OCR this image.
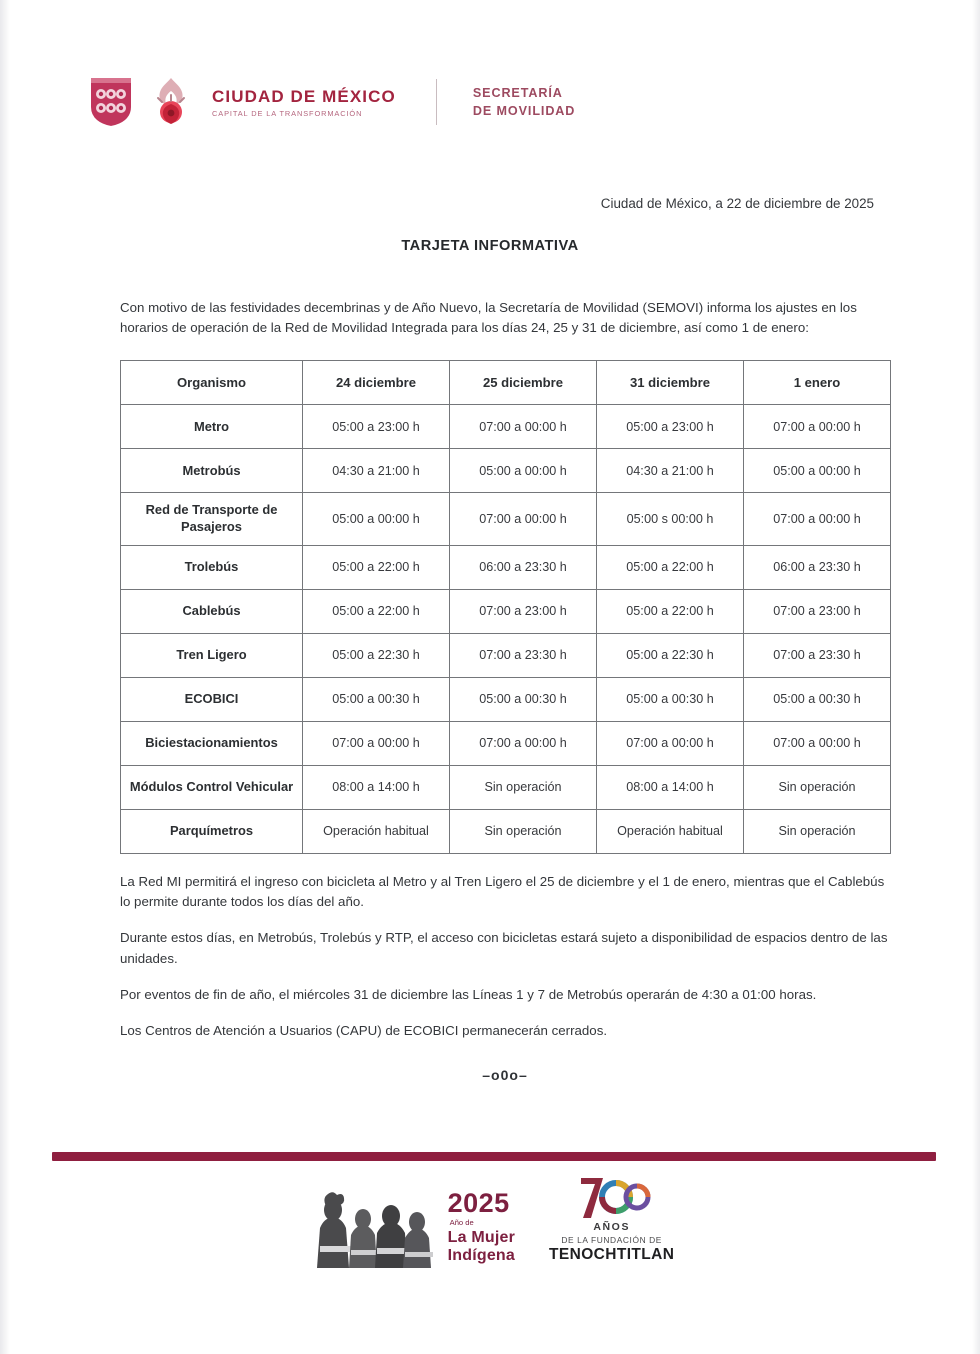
CIUDAD DE MÉXICO
CAPITAL DE LA TRANSFORMACIÓN
SECRETARÍA
DE MOVILIDAD
Ciudad de México, a 22 de diciembre de 2025
TARJETA INFORMATIVA

Con motivo de las festividades decembrinas y de Año Nuevo, la Secretaría de Movilidad (SEMOVI) informa los ajustes en los horarios de operación de la Red de Movilidad Integrada para los días 24, 25 y 31 de diciembre, así como 1 de enero:

Organismo	24 diciembre	25 diciembre	31 diciembre	1 enero
Metro	05:00 a 23:00 h	07:00 a 00:00 h	05:00 a 23:00 h	07:00 a 00:00 h
Metrobús	04:30 a 21:00 h	05:00 a 00:00 h	04:30 a 21:00 h	05:00 a 00:00 h
Red de Transporte de Pasajeros	05:00 a 00:00 h	07:00 a 00:00 h	05:00 s 00:00 h	07:00 a 00:00 h
Trolebús	05:00 a 22:00 h	06:00 a 23:30 h	05:00 a 22:00 h	06:00 a 23:30 h
Cablebús	05:00 a 22:00 h	07:00 a 23:00 h	05:00 a 22:00 h	07:00 a 23:00 h
Tren Ligero	05:00 a 22:30 h	07:00 a 23:30 h	05:00 a 22:30 h	07:00 a 23:30 h
ECOBICI	05:00 a 00:30 h	05:00 a 00:30 h	05:00 a 00:30 h	05:00 a 00:30 h
Biciestacionamientos	07:00 a 00:00 h	07:00 a 00:00 h	07:00 a 00:00 h	07:00 a 00:00 h
Módulos Control Vehicular	08:00 a 14:00 h	Sin operación	08:00 a 14:00 h	Sin operación
Parquímetros	Operación habitual	Sin operación	Operación habitual	Sin operación

La Red MI permitirá el ingreso con bicicleta al Metro y al Tren Ligero el 25 de diciembre y el 1 de enero, mientras que el Cablebús lo permite durante todos los días del año.

Durante estos días, en Metrobús, Trolebús y RTP, el acceso con bicicletas estará sujeto a disponibilidad de espacios dentro de las unidades.

Por eventos de fin de año, el miércoles 31 de diciembre las Líneas 1 y 7 de Metrobús operarán de 4:30 a 01:00 horas.

Los Centros de Atención a Usuarios (CAPU) de ECOBICI permanecerán cerrados.

–o0o–
2025
Año de
La Mujer
Indígena
AÑOS
DE LA FUNDACIÓN DE
TENOCHTITLAN
